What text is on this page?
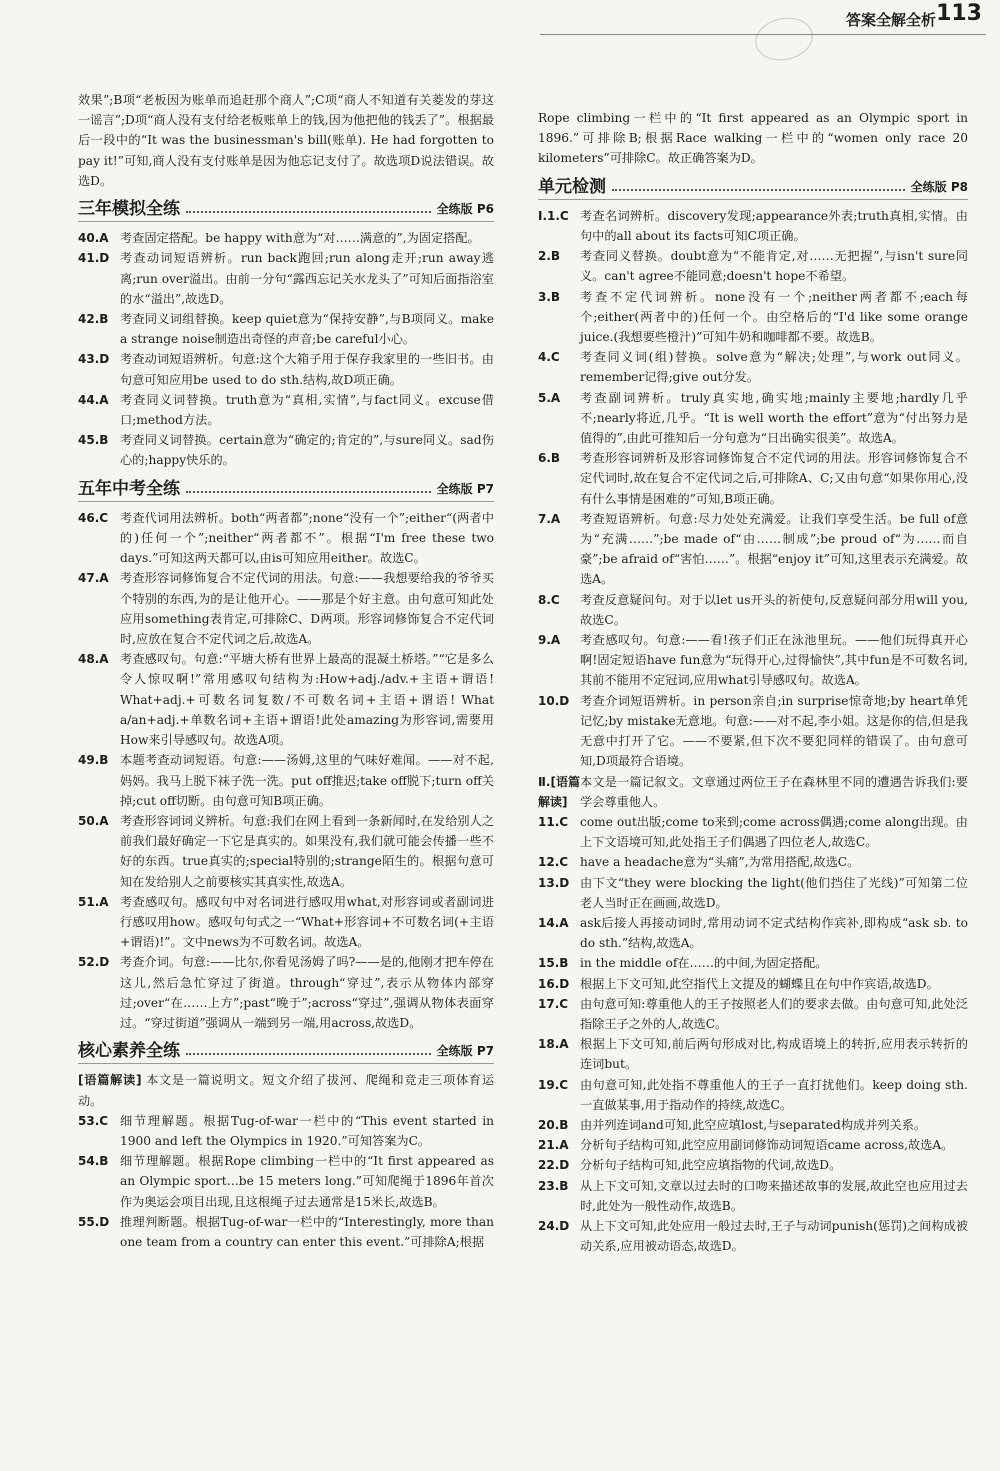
答案全解全析 113

效果”;B项“老板因为账单而追赶那个商人”;C项“商人不知道有关菱发的芽这一谣言”;D项“商人没有支付给老板账单上的钱,因为他把他的钱丢了”。根据最后一段中的“It was the businessman's bill(账单). He had forgotten to pay it!”可知,商人没有支付账单是因为他忘记支付了。故选项D说法错误。故选D。

三年模拟全练	全练版 P6
40.A 考查固定搭配。be happy with意为“对……满意的”,为固定搭配。
41.D 考查动词短语辨析。run back跑回;run along走开;run away逃离;run over溢出。由前一分句“露西忘记关水龙头了”可知后面指浴室的水“溢出”,故选D。
42.B 考查同义词组替换。keep quiet意为“保持安静”,与B项同义。make a strange noise制造出奇怪的声音;be careful小心。
43.D 考查动词短语辨析。句意:这个大箱子用于保存我家里的一些旧书。由句意可知应用be used to do sth.结构,故D项正确。
44.A 考查同义词替换。truth意为“真相,实情”,与fact同义。excuse借口;method方法。
45.B 考查同义词替换。certain意为“确定的;肯定的”,与sure同义。sad伤心的;happy快乐的。
五年中考全练	全练版 P7
46.C 考查代词用法辨析。both“两者都”;none“没有一个”;either“(两者中的)任何一个”;neither“两者都不”。根据“I'm free these two days.”可知这两天都可以,由is可知应用either。故选C。
47.A 考查形容词修饰复合不定代词的用法。句意:——我想要给我的爷爷买个特别的东西,为的是让他开心。——那是个好主意。由句意可知此处应用something表肯定,可排除C、D两项。形容词修饰复合不定代词时,应放在复合不定代词之后,故选A。
48.A 考查感叹句。句意:“平塘大桥有世界上最高的混凝土桥塔。”“它是多么令人惊叹啊!”常用感叹句结构为:How+adj./adv.+主语+谓语! What+adj.+可数名词复数/不可数名词+主语+谓语! What a/an+adj.+单数名词+主语+谓语!此处amazing为形容词,需要用How来引导感叹句。故选A项。
49.B 本题考查动词短语。句意:——汤姆,这里的气味好难闻。——对不起,妈妈。我马上脱下袜子洗一洗。put off推迟;take off脱下;turn off关掉;cut off切断。由句意可知B项正确。
50.A 考查形容词词义辨析。句意:我们在网上看到一条新闻时,在发给别人之前我们最好确定一下它是真实的。如果没有,我们就可能会传播一些不好的东西。true真实的;special特别的;strange陌生的。根据句意可知在发给别人之前要核实其真实性,故选A。
51.A 考查感叹句。感叹句中对名词进行感叹用what,对形容词或者副词进行感叹用how。感叹句句式之一“What+形容词+不可数名词(+主语+谓语)!”。文中news为不可数名词。故选A。
52.D 考查介词。句意:——比尔,你看见汤姆了吗?——是的,他刚才把车停在这儿,然后急忙穿过了街道。through“穿过”,表示从物体内部穿过;over“在……上方”;past“晚于”;across“穿过”,强调从物体表面穿过。“穿过街道”强调从一端到另一端,用across,故选D。
核心素养全练	全练版 P7

[语篇解读] 本文是一篇说明文。短文介绍了拔河、爬绳和竞走三项体育运动。

53.C 细节理解题。根据Tug-of-war一栏中的“This event started in 1900 and left the Olympics in 1920.”可知答案为C。
54.B 细节理解题。根据Rope climbing一栏中的“It first appeared as an Olympic sport…be 15 meters long.”可知爬绳于1896年首次作为奥运会项目出现,且这根绳子过去通常是15米长,故选B。
55.D 推理判断题。根据Tug-of-war一栏中的“Interestingly, more than one team from a country can enter this event.”可排除A;根据

Rope climbing一栏中的“It first appeared as an Olympic sport in 1896.”可排除B;根据Race walking一栏中的“women only race 20 kilometers”可排除C。故正确答案为D。

单元检测	全练版 P8
Ⅰ.1.C 考查名词辨析。discovery发现;appearance外表;truth真相,实情。由句中的all about its facts可知C项正确。
2.B	考查同义替换。doubt意为“不能肯定,对……无把握”,与isn't sure同义。can't agree不能同意;doesn't hope不希望。
3.B	考查不定代词辨析。none没有一个;neither两者都不;each每个;either(两者中的)任何一个。由空格后的“I'd like some orange juice.(我想要些橙汁)”可知牛奶和咖啡都不要。故选B。
4.C	考查同义词(组)替换。solve意为“解决;处理”,与work out同义。remember记得;give out分发。
5.A	考查副词辨析。truly真实地,确实地;mainly主要地;hardly几乎不;nearly将近,几乎。“It is well worth the effort”意为“付出努力是值得的”,由此可推知后一分句意为“日出确实很美”。故选A。
6.B	考查形容词辨析及形容词修饰复合不定代词的用法。形容词修饰复合不定代词时,故在复合不定代词之后,可排除A、C;又由句意“如果你用心,没有什么事情是困难的”可知,B项正确。
7.A	考查短语辨析。句意:尽力处处充满爱。让我们享受生活。be full of意为“充满……”;be made of“由……制成”;be proud of“为……而自豪”;be afraid of“害怕……”。根据“enjoy it”可知,这里表示充满爱。故选A。
8.C	考查反意疑问句。对于以let us开头的祈使句,反意疑问部分用will you,故选C。
9.A	考查感叹句。句意:——看!孩子们正在泳池里玩。——他们玩得真开心啊!固定短语have fun意为“玩得开心,过得愉快”,其中fun是不可数名词,其前不能用不定冠词,应用what引导感叹句。故选A。
10.D 考查介词短语辨析。in person亲自;in surprise惊奇地;by heart单凭记忆;by mistake无意地。句意:——对不起,李小姐。这是你的信,但是我无意中打开了它。——不要紧,但下次不要犯同样的错误了。由句意可知,D项最符合语境。
Ⅱ.[语篇解读]
本文是一篇记叙文。文章通过两位王子在森林里不同的遭遇告诉我们:要学会尊重他人。
11.C come out出版;come to来到;come across偶遇;come along出现。由上下文语境可知,此处指王子们偶遇了四位老人,故选C。
12.C have a headache意为“头痛”,为常用搭配,故选C。
13.D 由下文“they were blocking the light(他们挡住了光线)”可知第二位老人当时正在画画,故选D。
14.A ask后接人再接动词时,常用动词不定式结构作宾补,即构成“ask sb. to do sth.”结构,故选A。
15.B in the middle of在……的中间,为固定搭配。
16.D 根据上下文可知,此空指代上文提及的蝴蝶且在句中作宾语,故选D。
17.C 由句意可知:尊重他人的王子按照老人们的要求去做。由句意可知,此处泛指除王子之外的人,故选C。
18.A 根据上下文可知,前后两句形成对比,构成语境上的转折,应用表示转折的连词but。
19.C 由句意可知,此处指不尊重他人的王子一直打扰他们。keep doing sth.一直做某事,用于指动作的持续,故选C。
20.B 由并列连词and可知,此空应填lost,与separated构成并列关系。
21.A 分析句子结构可知,此空应用副词修饰动词短语came across,故选A。
22.D 分析句子结构可知,此空应填指物的代词,故选D。
23.B 从上下文可知,文章以过去时的口吻来描述故事的发展,故此空也应用过去时,此处为一般性动作,故选B。
24.D 从上下文可知,此处应用一般过去时,王子与动词punish(惩罚)之间构成被动关系,应用被动语态,故选D。
